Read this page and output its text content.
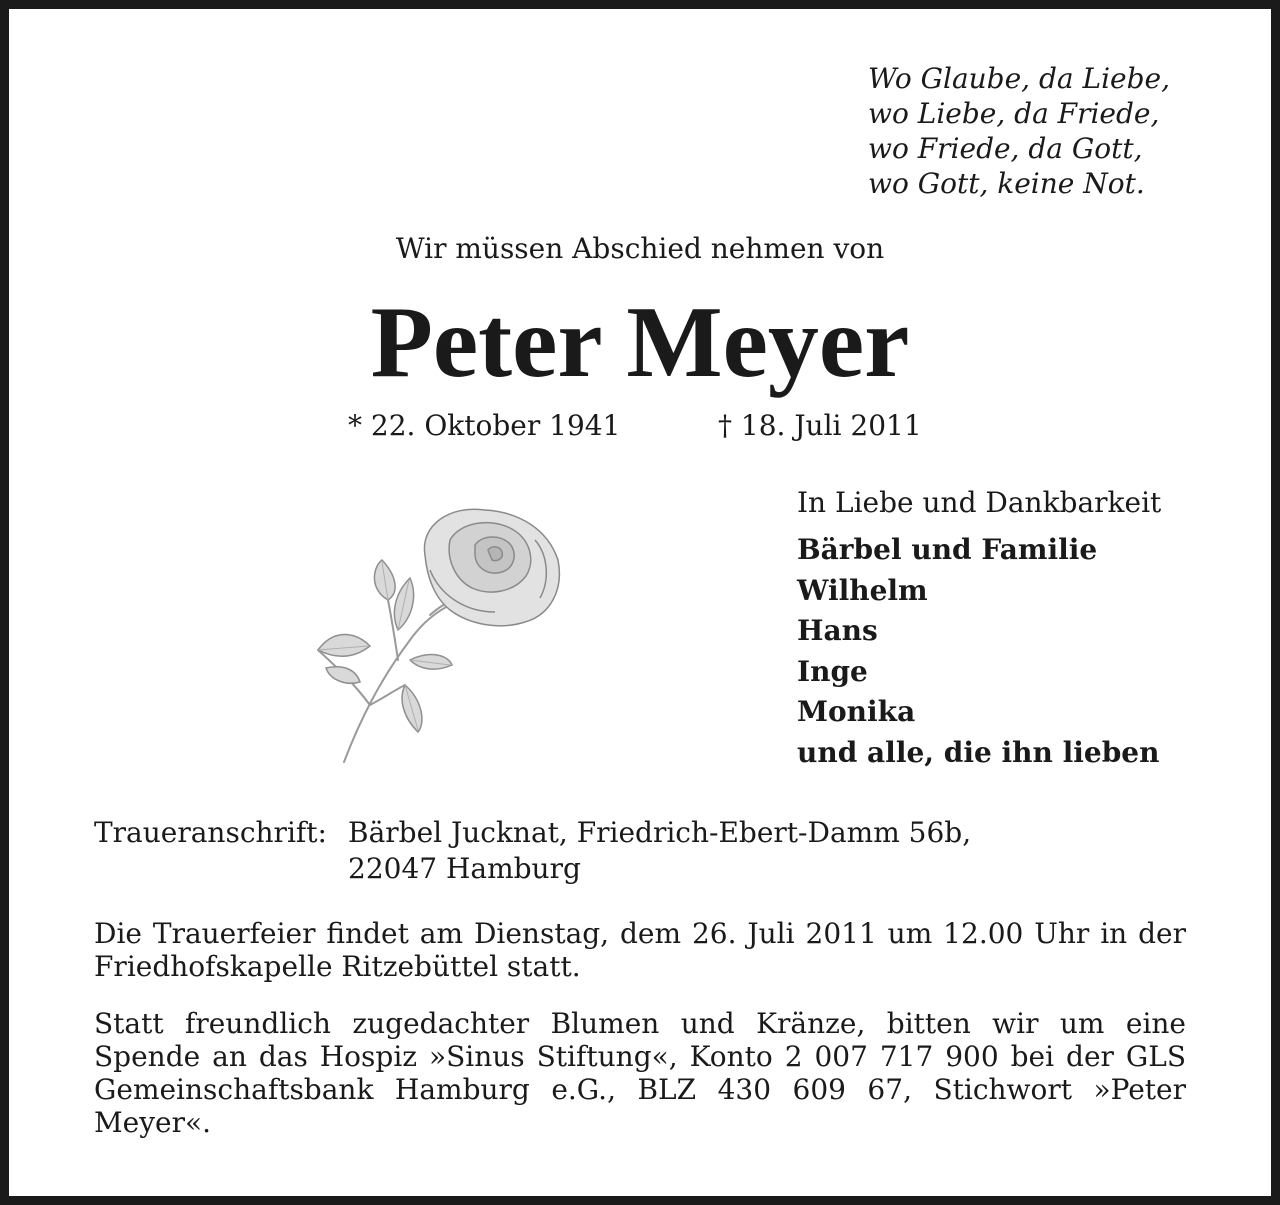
Wo Glaube, da Liebe,
wo Liebe, da Friede,
wo Friede, da Gott,
wo Gott, keine Not.
Wir müssen Abschied nehmen von
Peter Meyer
* 22. Oktober 1941	† 18. Juli 2011
In Liebe und Dankbarkeit
Bärbel und Familie
Wilhelm
Hans
Inge
Monika
und alle, die ihn lieben
Traueranschrift: Bärbel Jucknat, Friedrich-Ebert-Damm 56b,
22047 Hamburg
Die Trauerfeier findet am Dienstag, dem 26. Juli 2011 um 12.00 Uhr in der Friedhofskapelle Ritzebüttel statt.
Statt freundlich zugedachter Blumen und Kränze, bitten wir um eine Spende an das Hospiz »Sinus Stiftung«, Konto 2 007 717 900 bei der GLS Gemeinschaftsbank Hamburg e.G., BLZ 430 609 67, Stichwort »Peter Meyer«.
